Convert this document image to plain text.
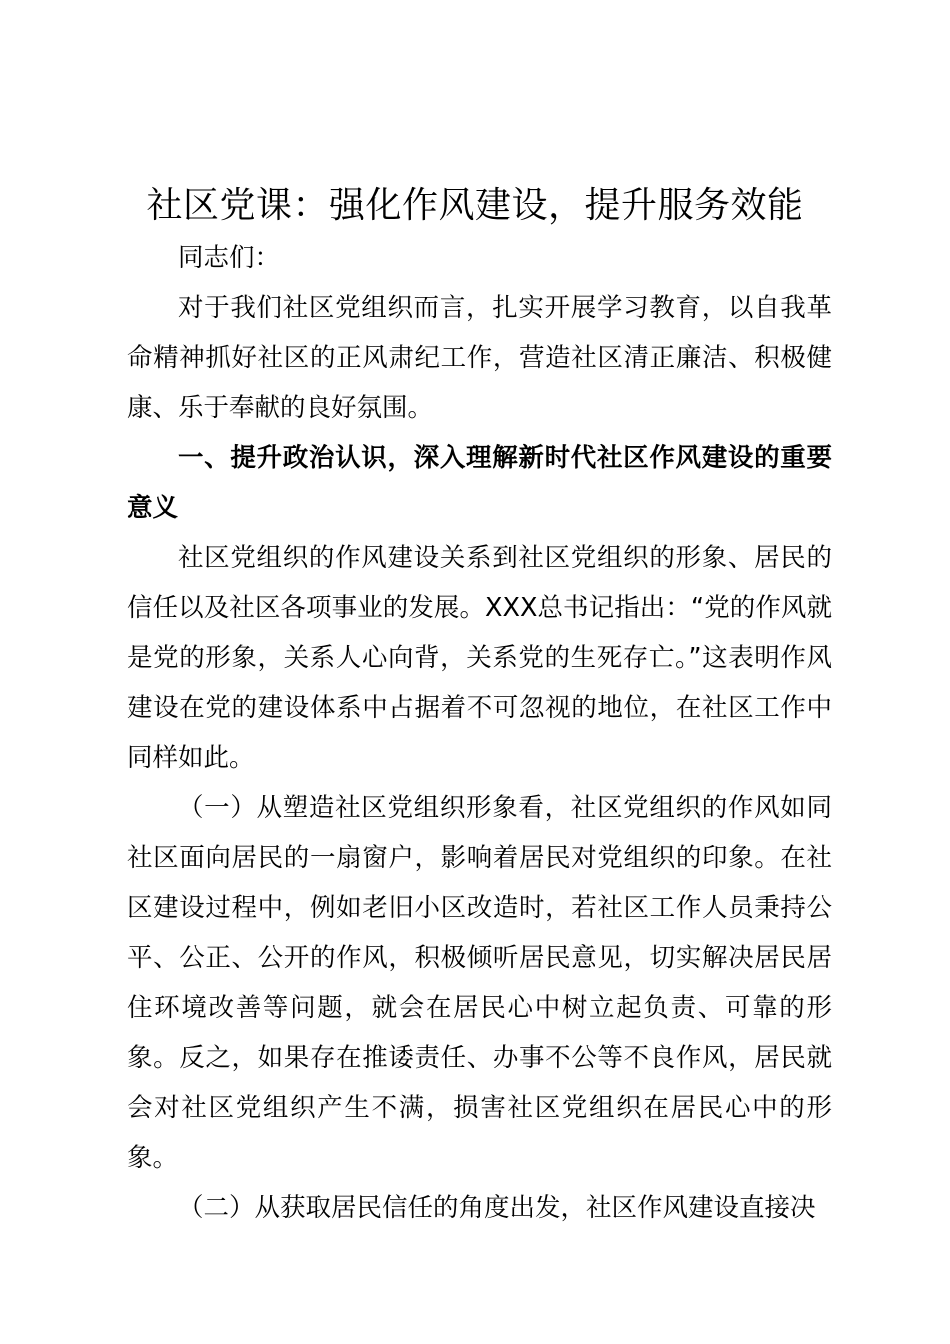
社区党课：强化作风建设，提升服务效能

同志们：

对于我们社区党组织而言，扎实开展学习教育，以自我革命精神抓好社区的正风肃纪工作，营造社区清正廉洁、积极健康、乐于奉献的良好氛围。

一、提升政治认识，深入理解新时代社区作风建设的重要意义

社区党组织的作风建设关系到社区党组织的形象、居民的信任以及社区各项事业的发展。XXX总书记指出：“党的作风就是党的形象，关系人心向背，关系党的生死存亡。”这表明作风建设在党的建设体系中占据着不可忽视的地位，在社区工作中同样如此。

（一）从塑造社区党组织形象看，社区党组织的作风如同社区面向居民的一扇窗户，影响着居民对党组织的印象。在社区建设过程中，例如老旧小区改造时，若社区工作人员秉持公平、公正、公开的作风，积极倾听居民意见，切实解决居民居住环境改善等问题，就会在居民心中树立起负责、可靠的形象。反之，如果存在推诿责任、办事不公等不良作风，居民就会对社区党组织产生不满，损害社区党组织在居民心中的形象。

（二）从获取居民信任的角度出发，社区作风建设直接决
